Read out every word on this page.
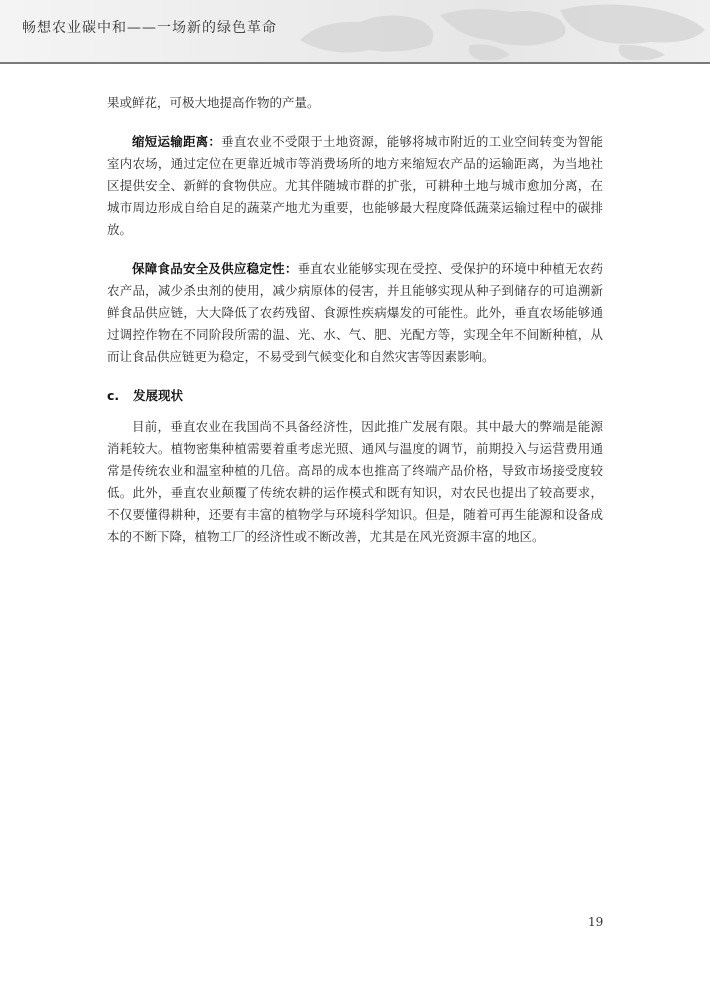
畅想农业碳中和——一场新的绿色革命

果或鲜花，可极大地提高作物的产量。

缩短运输距离：垂直农业不受限于土地资源，能够将城市附近的工业空间转变为智能室内农场，通过定位在更靠近城市等消费场所的地方来缩短农产品的运输距离，为当地社区提供安全、新鲜的食物供应。尤其伴随城市群的扩张，可耕种土地与城市愈加分离，在城市周边形成自给自足的蔬菜产地尤为重要，也能够最大程度降低蔬菜运输过程中的碳排放。

保障食品安全及供应稳定性：垂直农业能够实现在受控、受保护的环境中种植无农药农产品，减少杀虫剂的使用，减少病原体的侵害，并且能够实现从种子到储存的可追溯新鲜食品供应链，大大降低了农药残留、食源性疾病爆发的可能性。此外，垂直农场能够通过调控作物在不同阶段所需的温、光、水、气、肥、光配方等，实现全年不间断种植，从而让食品供应链更为稳定，不易受到气候变化和自然灾害等因素影响。

c. 发展现状

目前，垂直农业在我国尚不具备经济性，因此推广发展有限。其中最大的弊端是能源消耗较大。植物密集种植需要着重考虑光照、通风与温度的调节，前期投入与运营费用通常是传统农业和温室种植的几倍。高昂的成本也推高了终端产品价格，导致市场接受度较低。此外，垂直农业颠覆了传统农耕的运作模式和既有知识，对农民也提出了较高要求，不仅要懂得耕种，还要有丰富的植物学与环境科学知识。但是，随着可再生能源和设备成本的不断下降，植物工厂的经济性或不断改善，尤其是在风光资源丰富的地区。

19
